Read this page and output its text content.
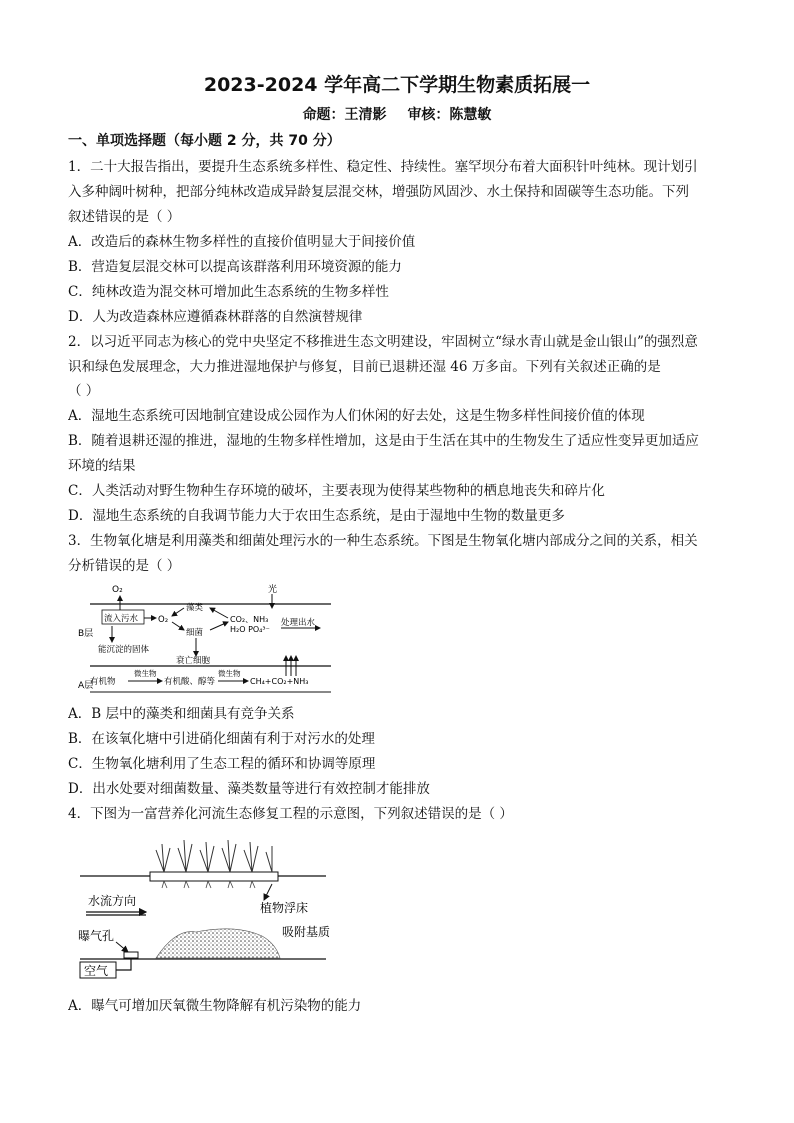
2023-2024 学年高二下学期生物素质拓展一
命题：王清影 审核：陈慧敏
一、单项选择题（每小题 2 分，共 70 分）
1．二十大报告指出，要提升生态系统多样性、稳定性、持续性。塞罕坝分布着大面积针叶纯林。现计划引
入多种阔叶树种，把部分纯林改造成异龄复层混交林，增强防风固沙、水土保持和固碳等生态功能。下列
叙述错误的是（ ）
A．改造后的森林生物多样性的直接价值明显大于间接价值
B．营造复层混交林可以提高该群落利用环境资源的能力
C．纯林改造为混交林可增加此生态系统的生物多样性
D．人为改造森林应遵循森林群落的自然演替规律
2．以习近平同志为核心的党中央坚定不移推进生态文明建设，牢固树立“绿水青山就是金山银山”的强烈意
识和绿色发展理念，大力推进湿地保护与修复，目前已退耕还湿 46 万多亩。下列有关叙述正确的是
（ ）
A．湿地生态系统可因地制宜建设成公园作为人们休闲的好去处，这是生物多样性间接价值的体现
B．随着退耕还湿的推进，湿地的生物多样性增加，这是由于生活在其中的生物发生了适应性变异更加适应
环境的结果
C．人类活动对野生物种生存环境的破坏，主要表现为使得某些物种的栖息地丧失和碎片化
D．湿地生态系统的自我调节能力大于农田生态系统，是由于湿地中生物的数量更多
3．生物氧化塘是利用藻类和细菌处理污水的一种生态系统。下图是生物氧化塘内部成分之间的关系，相关
分析错误的是（ ）
O₂	光
B层
A层
流入污水 O₂
藻类
细菌
CO₂、NH₃
H₂O PO₄³⁻
处理出水
能沉淀的固体
衰亡细胞
有机物
微生物
有机酸、醇等
微生物
CH₄+CO₂+NH₃
A．B 层中的藻类和细菌具有竞争关系
B．在该氧化塘中引进硝化细菌有利于对污水的处理
C．生物氧化塘利用了生态工程的循环和协调等原理
D．出水处要对细菌数量、藻类数量等进行有效控制才能排放
4．下图为一富营养化河流生态修复工程的示意图，下列叙述错误的是（ ）
水流方向	植物浮床
吸附基质
曝气孔
空气
A．曝气可增加厌氧微生物降解有机污染物的能力
